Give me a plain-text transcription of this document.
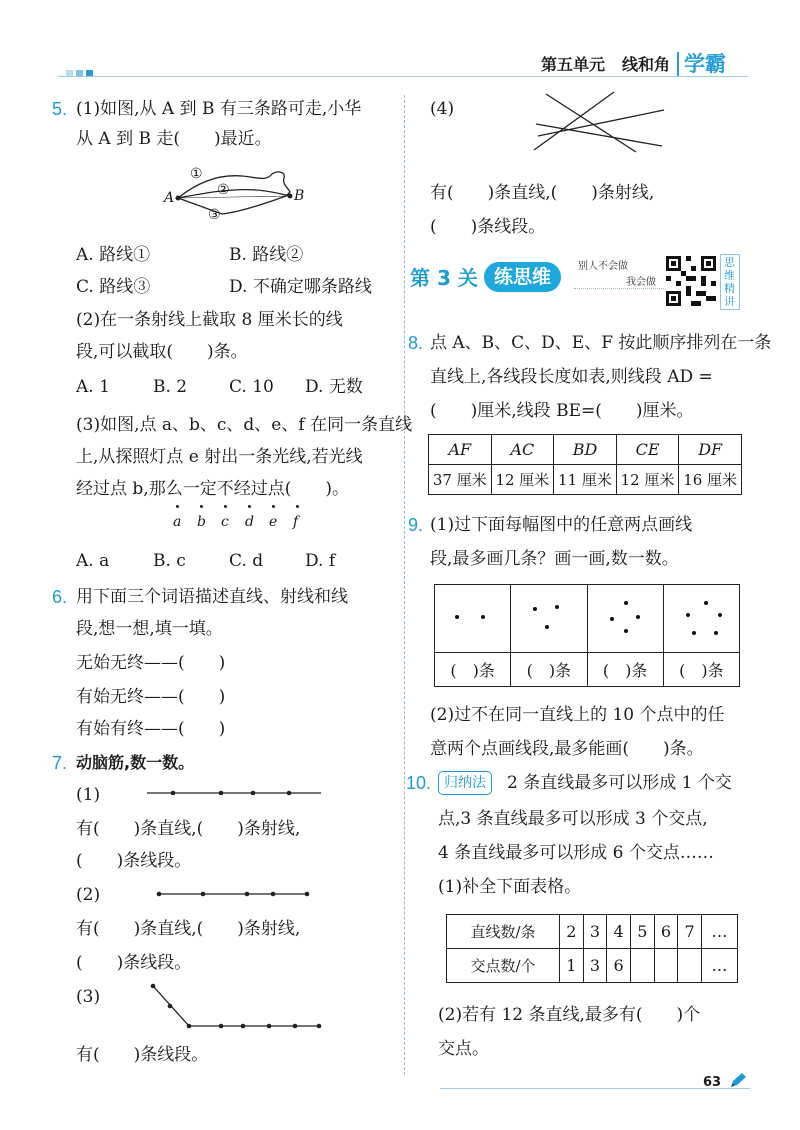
第五单元 线和角 学霸
5. (1)如图,从 A 到 B 有三条路可走,小华
从 A 到 B 走(　　)最近。
A	B
①
②
③
A. 路线①	B. 路线②
C. 路线③	D. 不确定哪条路线
(2)在一条射线上截取 8 厘米长的线
段,可以截取(　　)条。
A. 1	B. 2 C. 10 D. 无数
(3)如图,点 a、b、c、d、e、f 在同一条直线
上,从探照灯点 e 射出一条光线,若光线
经过点 b,那么一定不经过点(　　)。
a b c d e f
A. a	B. c	C. d D. f
6. 用下面三个词语描述直线、射线和线
段,想一想,填一填。
无始无终——(　　)
有始无终——(　　)
有始有终——(　　)
7. 动脑筋,数一数。
(1)
有(　　)条直线,(　　)条射线,
(　　)条线段。
(2)
有(　　)条直线,(　　)条射线,
(　　)条线段。
(3)
有(　　)条线段。
(4)
有(　　)条直线,(　　)条射线,
(　　)条线段。
第 3 关 练思维	别人不会做
我会做
思维精讲
8. 点 A、B、C、D、E、F 按此顺序排列在一条
直线上,各线段长度如表,则线段 AD =
(　　)厘米,线段 BE=(　　)厘米。
AF	AC	BD	CE	DF
37 厘米	12 厘米	11 厘米	12 厘米	16 厘米
9. (1)过下面每幅图中的任意两点画线
段,最多画几条？画一画,数一数。

(　)条	(　)条	(　)条	(　)条
(2)过不在同一直线上的 10 个点中的任
意两个点画线段,最多能画(　　)条。
10. 归纳法	2 条直线最多可以形成 1 个交
点,3 条直线最多可以形成 3 个交点,
4 条直线最多可以形成 6 个交点……
(1)补全下面表格。
直线数/条	2	3	4	5	6	7	…
交点数/个	1	3	6				…
(2)若有 12 条直线,最多有(　　)个
交点。
63
